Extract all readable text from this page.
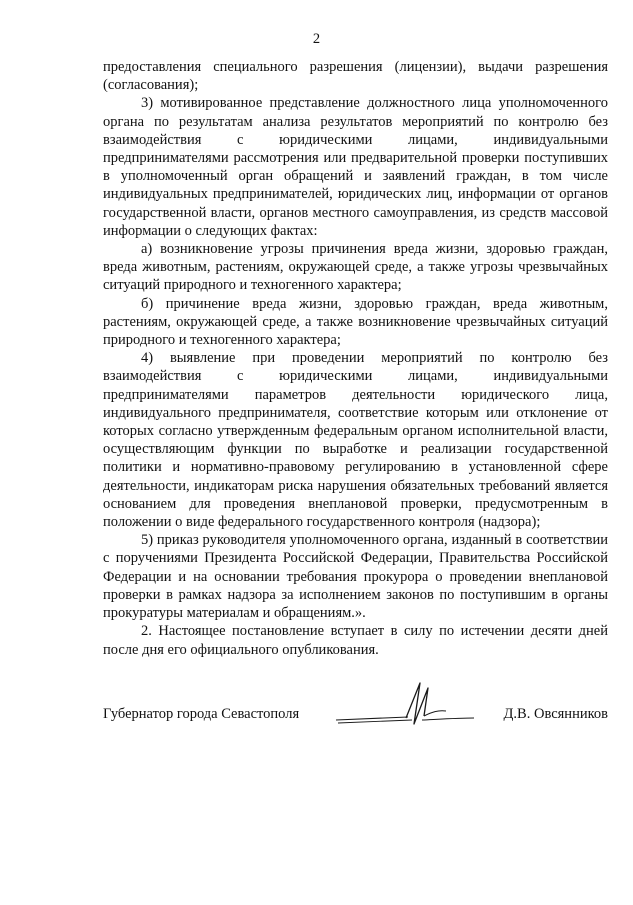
2

предоставления специального разрешения (лицензии), выдачи разрешения (согласования);

3) мотивированное представление должностного лица уполномоченного органа по результатам анализа результатов мероприятий по контролю без взаимодействия с юридическими лицами, индивидуальными предпринимателями рассмотрения или предварительной проверки поступивших в уполномоченный орган обращений и заявлений граждан, в том числе индивидуальных предпринимателей, юридических лиц, информации от органов государственной власти, органов местного самоуправления, из средств массовой информации о следующих фактах:

а) возникновение угрозы причинения вреда жизни, здоровью граждан, вреда животным, растениям, окружающей среде, а также угрозы чрезвычайных ситуаций природного и техногенного характера;

б) причинение вреда жизни, здоровью граждан, вреда животным, растениям, окружающей среде, а также возникновение чрезвычайных ситуаций природного и техногенного характера;

4) выявление при проведении мероприятий по контролю без взаимодействия с юридическими лицами, индивидуальными предпринимателями параметров деятельности юридического лица, индивидуального предпринимателя, соответствие которым или отклонение от которых согласно утвержденным федеральным органом исполнительной власти, осуществляющим функции по выработке и реализации государственной политики и нормативно-правовому регулированию в установленной сфере деятельности, индикаторам риска нарушения обязательных требований является основанием для проведения внеплановой проверки, предусмотренным в положении о виде федерального государственного контроля (надзора);

5) приказ руководителя уполномоченного органа, изданный в соответствии с поручениями Президента Российской Федерации, Правительства Российской Федерации и на основании требования прокурора о проведении внеплановой проверки в рамках надзора за исполнением законов по поступившим в органы прокуратуры материалам и обращениям.».

2. Настоящее постановление вступает в силу по истечении десяти дней после дня его официального опубликования.

Губернатор города Севастополя	Д.В. Овсянников
